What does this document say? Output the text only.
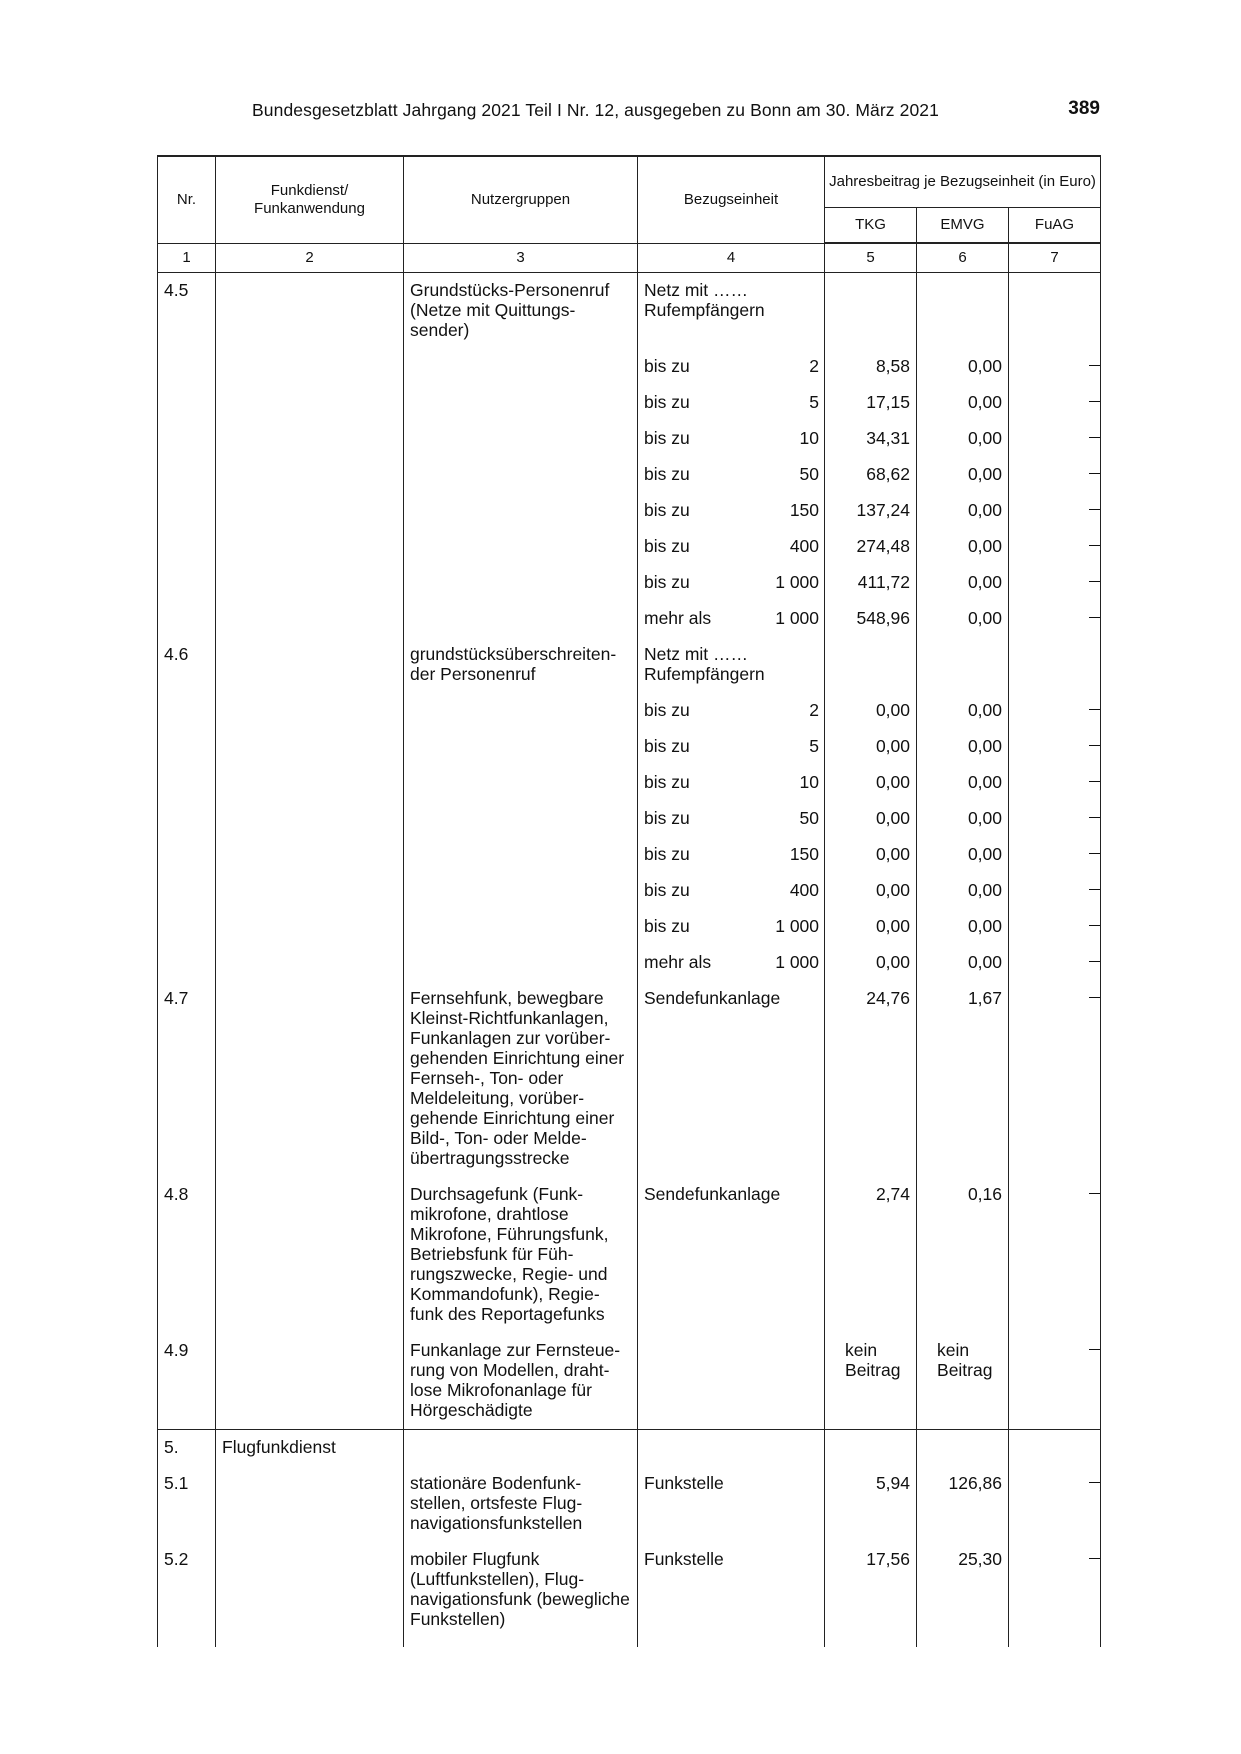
Bundesgesetzblatt Jahrgang 2021 Teil I Nr. 12, ausgegeben zu Bonn am 30. März 2021	389
Nr.	Funkdienst/ Funkanwendung	Nutzergruppen	Bezugseinheit		Jahresbeitrag je Bezugseinheit (in Euro)		
					TKG	EMVG	FuAG
1	2	3	4		5	6	7

4.5		Grundstücks-Personenruf (Netze mit Quittungs-sender)	Netz mit …… Rufempfängern				

			bis zu	2	8,58	0,00	

			bis zu	5	17,15	0,00	

			bis zu	10	34,31	0,00	

			bis zu	50	68,62	0,00	

			bis zu	150	137,24	0,00	

			bis zu	400	274,48	0,00	

			bis zu	1 000	411,72	0,00	

			mehr als	1 000	548,96	0,00	

4.6		grundstücksüberschreiten-der Personenruf	Netz mit …… Rufempfängern				

			bis zu	2	0,00	0,00	

			bis zu	5	0,00	0,00	

			bis zu	10	0,00	0,00	

			bis zu	50	0,00	0,00	

			bis zu	150	0,00	0,00	

			bis zu	400	0,00	0,00	

			bis zu	1 000	0,00	0,00	

			mehr als	1 000	0,00	0,00	

4.7		Fernsehfunk, bewegbare Kleinst-Richtfunkanlagen, Funkanlagen zur vorüber-gehenden Einrichtung einer Fernseh-, Ton- oder Meldeleitung, vorüber-gehende Einrichtung einer Bild-, Ton- oder Melde-übertragungsstrecke	Sendefunkanlage		24,76	1,67	

4.8		Durchsagefunk (Funk-mikrofone, drahtlose Mikrofone, Führungsfunk, Betriebsfunk für Füh-rungszwecke, Regie- und Kommandofunk), Regie-funk des Reportagefunks	Sendefunkanlage		2,74	0,16	

4.9		Funkanlage zur Fernsteue-rung von Modellen, draht-lose Mikrofonanlage für Hörgeschädigte			kein Beitrag	kein Beitrag	

5.	Flugfunkdienst						

5.1		stationäre Bodenfunk-stellen, ortsfeste Flug-navigationsfunkstellen	Funkstelle		5,94	126,86	

5.2		mobiler Flugfunk (Luftfunkstellen), Flug-navigationsfunk (bewegliche Funkstellen)	Funkstelle		17,56	25,30	
